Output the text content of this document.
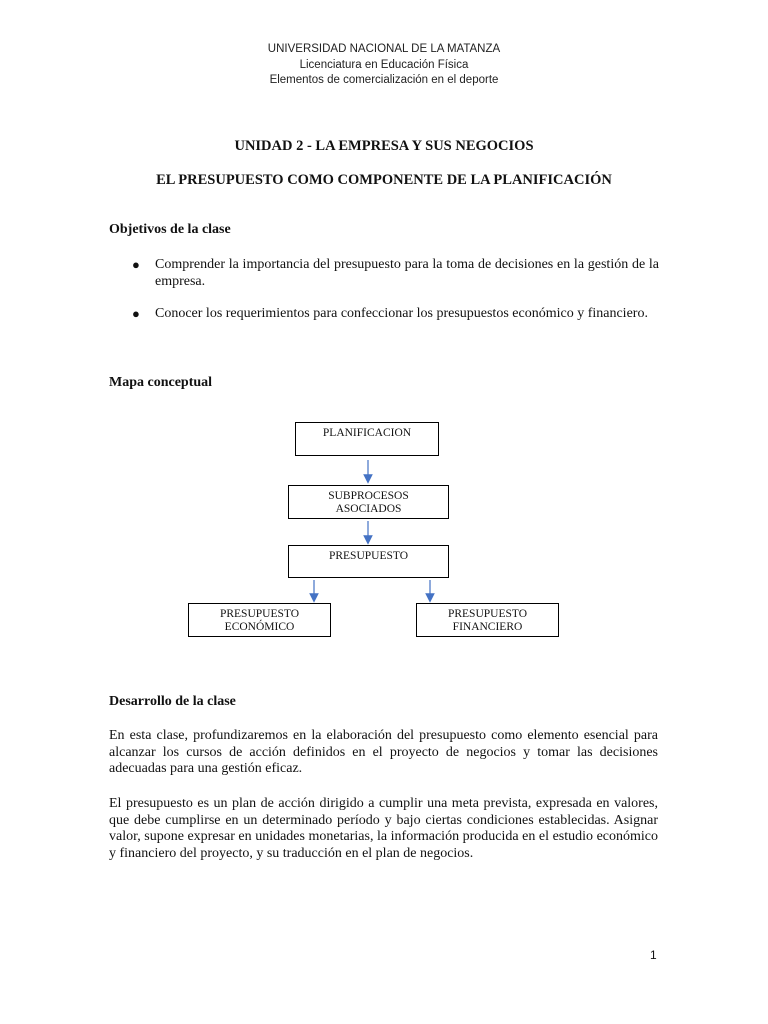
UNIVERSIDAD NACIONAL DE LA MATANZA
Licenciatura en Educación Física
Elementos de comercialización en el deporte
UNIDAD 2 - LA EMPRESA Y SUS NEGOCIOS
EL PRESUPUESTO COMO COMPONENTE DE LA PLANIFICACIÓN
Objetivos de la clase
● Comprender la importancia del presupuesto para la toma de decisiones en la gestión de la empresa.
● Conocer los requerimientos para confeccionar los presupuestos económico y financiero.
Mapa conceptual
PLANIFICACION
SUBPROCESOS
ASOCIADOS
PRESUPUESTO
PRESUPUESTO
ECONÓMICO
PRESUPUESTO
FINANCIERO
Desarrollo de la clase
En esta clase, profundizaremos en la elaboración del presupuesto como elemento esencial para alcanzar los cursos de acción definidos en el proyecto de negocios y tomar las decisiones adecuadas para una gestión eficaz.
El presupuesto es un plan de acción dirigido a cumplir una meta prevista, expresada en valores, que debe cumplirse en un determinado período y bajo ciertas condiciones establecidas. Asignar valor, supone expresar en unidades monetarias, la información producida en el estudio económico y financiero del proyecto, y su traducción en el plan de negocios.
1
